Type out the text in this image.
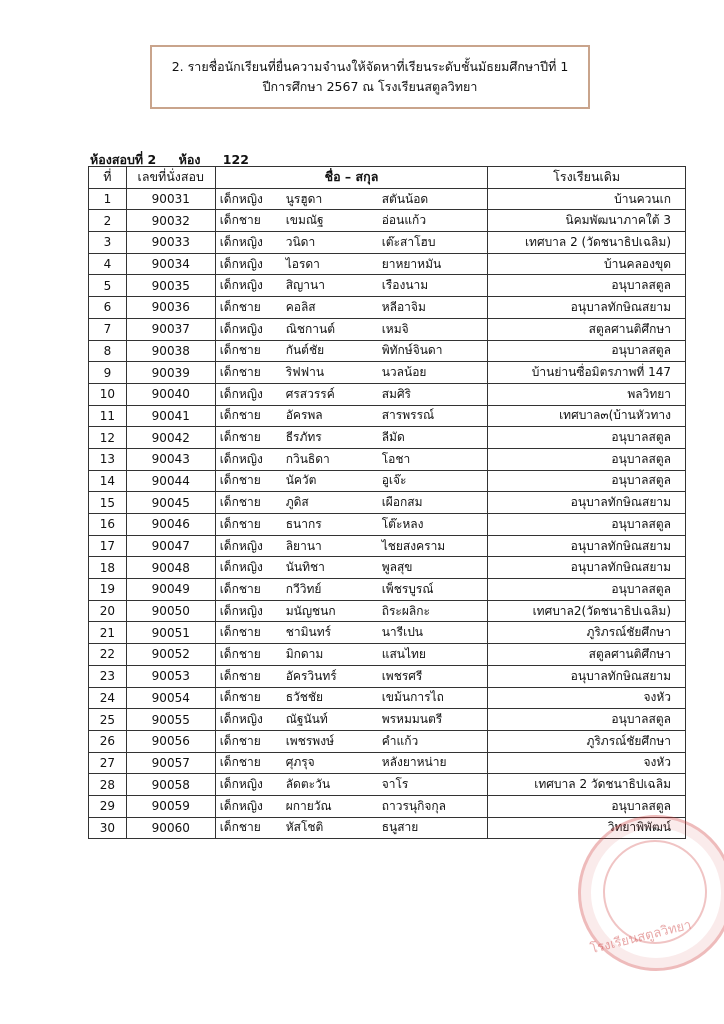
2. รายชื่อนักเรียนที่ยื่นความจำนงให้จัดหาที่เรียนระดับชั้นมัธยมศึกษาปีที่ 1
ปีการศึกษา 2567 ณ โรงเรียนสตูลวิทยา
ห้องสอบที่ 2 ห้อง 122
ที่	เลขที่นั่งสอบ	ชื่อ – สกุล	โรงเรียนเดิม
1	90031	เด็กหญิง นูรฮูดา สตันน้อด	บ้านควนเก
2	90032	เด็กชาย เขมณัฐ อ่อนแก้ว	นิคมพัฒนาภาคใต้ 3
3	90033	เด็กหญิง วนิดา เต๊ะสาโฮบ	เทศบาล 2 (วัดชนาธิปเฉลิม)
4	90034	เด็กหญิง ไอรดา ยาหยาหมัน	บ้านคลองขุด
5	90035	เด็กหญิง สิญานา เรืองนาม	อนุบาลสตูล
6	90036	เด็กชาย คอลิส หลีอาจิม	อนุบาลทักษิณสยาม
7	90037	เด็กหญิง ณิชกานต์ เหมจิ	สตูลศานติศึกษา
8	90038	เด็กชาย กันต์ชัย พิทักษ์จินดา	อนุบาลสตูล
9	90039	เด็กชาย ริฟฟาน นวลน้อย	บ้านย่านซื่อมิตรภาพที่ 147
10	90040	เด็กหญิง ศรสวรรค์ สมศิริ	พลวิทยา
11	90041	เด็กชาย อัครพล สารพรรณ์	เทศบาล๓(บ้านหัวทาง
12	90042	เด็กชาย ธีรภัทร ลีมัด	อนุบาลสตูล
13	90043	เด็กหญิง กวินธิดา โอชา	อนุบาลสตูล
14	90044	เด็กชาย นัควัต อูเจ๊ะ	อนุบาลสตูล
15	90045	เด็กชาย ภูดิส เผือกสม	อนุบาลทักษิณสยาม
16	90046	เด็กชาย ธนากร โต๊ะหลง	อนุบาลสตูล
17	90047	เด็กหญิง ลิยานา ไชยสงคราม	อนุบาลทักษิณสยาม
18	90048	เด็กหญิง นันทิชา พูลสุข	อนุบาลทักษิณสยาม
19	90049	เด็กชาย กวีวิทย์ เพ็ชรบูรณ์	อนุบาลสตูล
20	90050	เด็กหญิง มนัญชนก ถิระผลิกะ	เทศบาล2(วัดชนาธิปเฉลิม)
21	90051	เด็กชาย ชามินทร์ นารีเปน	ภูริภรณ์ชัยศึกษา
22	90052	เด็กชาย มิกดาม แสนไทย	สตูลศานติศึกษา
23	90053	เด็กชาย อัครวินทร์ เพชรศรี	อนุบาลทักษิณสยาม
24	90054	เด็กชาย ธวัชชัย เขม้นการไถ	จงหัว
25	90055	เด็กหญิง ณัฐนันท์ พรหมมนตรี	อนุบาลสตูล
26	90056	เด็กชาย เพชรพงษ์ คำแก้ว	ภูริภรณ์ชัยศึกษา
27	90057	เด็กชาย ศุภรุจ หลังยาหน่าย	จงหัว
28	90058	เด็กหญิง ลัดตะวัน จาโร	เทศบาล 2 วัดชนาธิปเฉลิม
29	90059	เด็กหญิง ผกายวัณ ถาวรนุกิจกุล	อนุบาลสตูล
30	90060	เด็กชาย หัสโชติ ธนูสาย	วิทยาพิพัฒน์
โรงเรียนสตูลวิทยา
